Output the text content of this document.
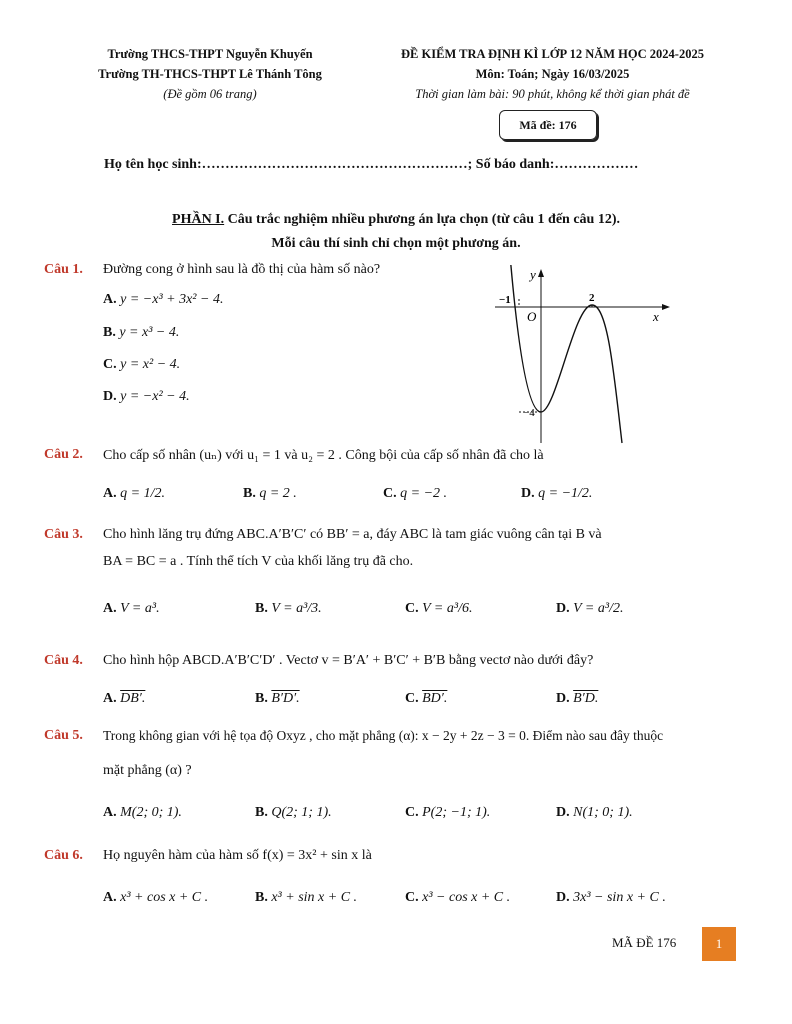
Trường THCS-THPT Nguyễn Khuyến
Trường TH-THCS-THPT Lê Thánh Tông
(Đề gồm 06 trang)
ĐỀ KIỂM TRA ĐỊNH KÌ LỚP 12 NĂM HỌC 2024-2025
Môn: Toán; Ngày 16/03/2025
Thời gian làm bài: 90 phút, không kể thời gian phát đề
Mã đề: 176
Họ tên học sinh:…………………………………………………; Số báo danh:………………
PHẦN I. Câu trắc nghiệm nhiều phương án lựa chọn (từ câu 1 đến câu 12).
Mỗi câu thí sinh chỉ chọn một phương án.
Câu 1. Đường cong ở hình sau là đồ thị của hàm số nào?
A. y = −x³ + 3x² − 4.
B. y = x³ − 4.
C. y = x² − 4.
D. y = −x² − 4.
y
x
O
−1	2
−4
Câu 2. Cho cấp số nhân (uₙ) với u₁ = 1 và u₂ = 2 . Công bội của cấp số nhân đã cho là
A. q = 1/2.	B. q = 2 .	C. q = −2 .	D. q = −1/2.
Câu 3. Cho hình lăng trụ đứng ABC.A′B′C′ có BB′ = a, đáy ABC là tam giác vuông cân tại B và
BA = BC = a . Tính thể tích V của khối lăng trụ đã cho.
A. V = a³.	B. V = a³/3.	C. V = a³/6.	D. V = a³/2.
Câu 4. Cho hình hộp ABCD.A′B′C′D′ . Vectơ v = B′A′ + B′C′ + B′B bằng vectơ nào dưới đây?
A. DB′.	B. B′D′.	C. BD′.	D. B′D.
Câu 5. Trong không gian với hệ tọa độ Oxyz , cho mặt phẳng (α): x − 2y + 2z − 3 = 0. Điểm nào sau đây thuộc
mặt phẳng (α) ?
A. M(2; 0; 1).	B. Q(2; 1; 1).	C. P(2; −1; 1).	D. N(1; 0; 1).
Câu 6. Họ nguyên hàm của hàm số f(x) = 3x² + sin x là
A. x³ + cos x + C .	B. x³ + sin x + C .	C. x³ − cos x + C .	D. 3x³ − sin x + C .
MÃ ĐỀ 176	1
